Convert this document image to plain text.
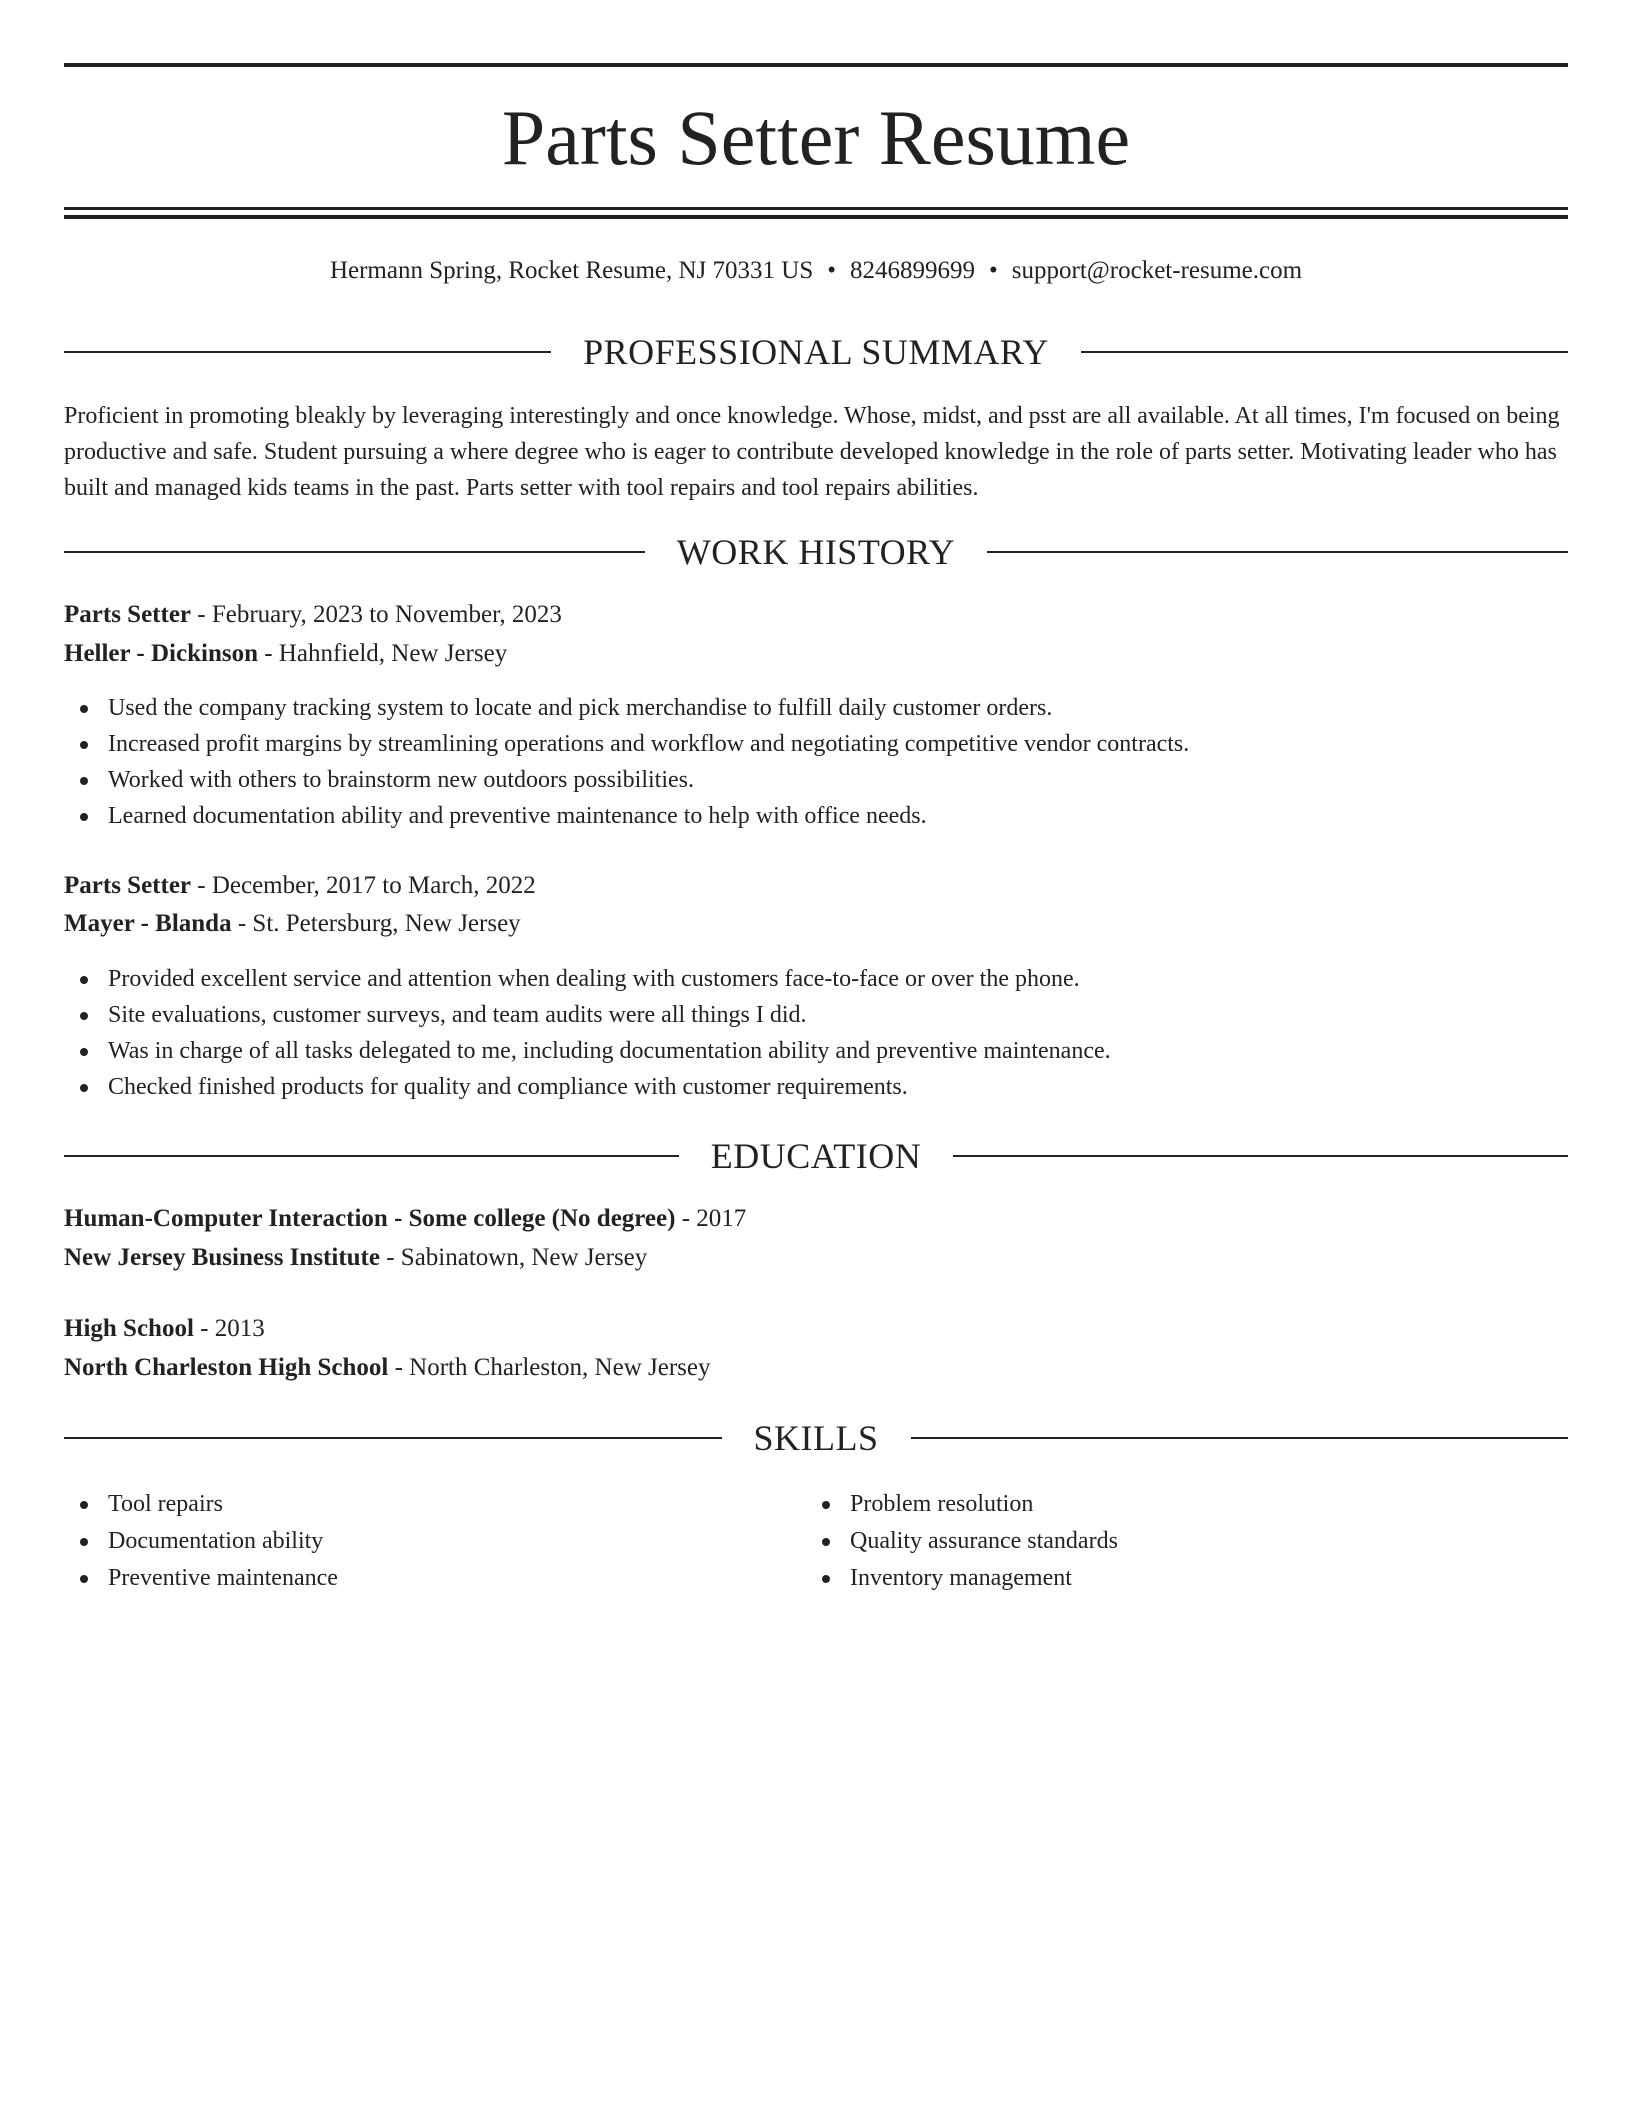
Parts Setter Resume
Hermann Spring, Rocket Resume, NJ 70331 US • 8246899699 • support@rocket-resume.com
PROFESSIONAL SUMMARY

Proficient in promoting bleakly by leveraging interestingly and once knowledge. Whose, midst, and psst are all available. At all times, I'm focused on being productive and safe. Student pursuing a where degree who is eager to contribute developed knowledge in the role of parts setter. Motivating leader who has built and managed kids teams in the past. Parts setter with tool repairs and tool repairs abilities.

WORK HISTORY
Parts Setter - February, 2023 to November, 2023
Heller - Dickinson - Hahnfield, New Jersey
Used the company tracking system to locate and pick merchandise to fulfill daily customer orders.
Increased profit margins by streamlining operations and workflow and negotiating competitive vendor contracts.
Worked with others to brainstorm new outdoors possibilities.
Learned documentation ability and preventive maintenance to help with office needs.
Parts Setter - December, 2017 to March, 2022
Mayer - Blanda - St. Petersburg, New Jersey
Provided excellent service and attention when dealing with customers face-to-face or over the phone.
Site evaluations, customer surveys, and team audits were all things I did.
Was in charge of all tasks delegated to me, including documentation ability and preventive maintenance.
Checked finished products for quality and compliance with customer requirements.
EDUCATION
Human-Computer Interaction - Some college (No degree) - 2017
New Jersey Business Institute - Sabinatown, New Jersey
High School - 2013
North Charleston High School - North Charleston, New Jersey
SKILLS
Tool repairs
Documentation ability
Preventive maintenance
Problem resolution
Quality assurance standards
Inventory management
